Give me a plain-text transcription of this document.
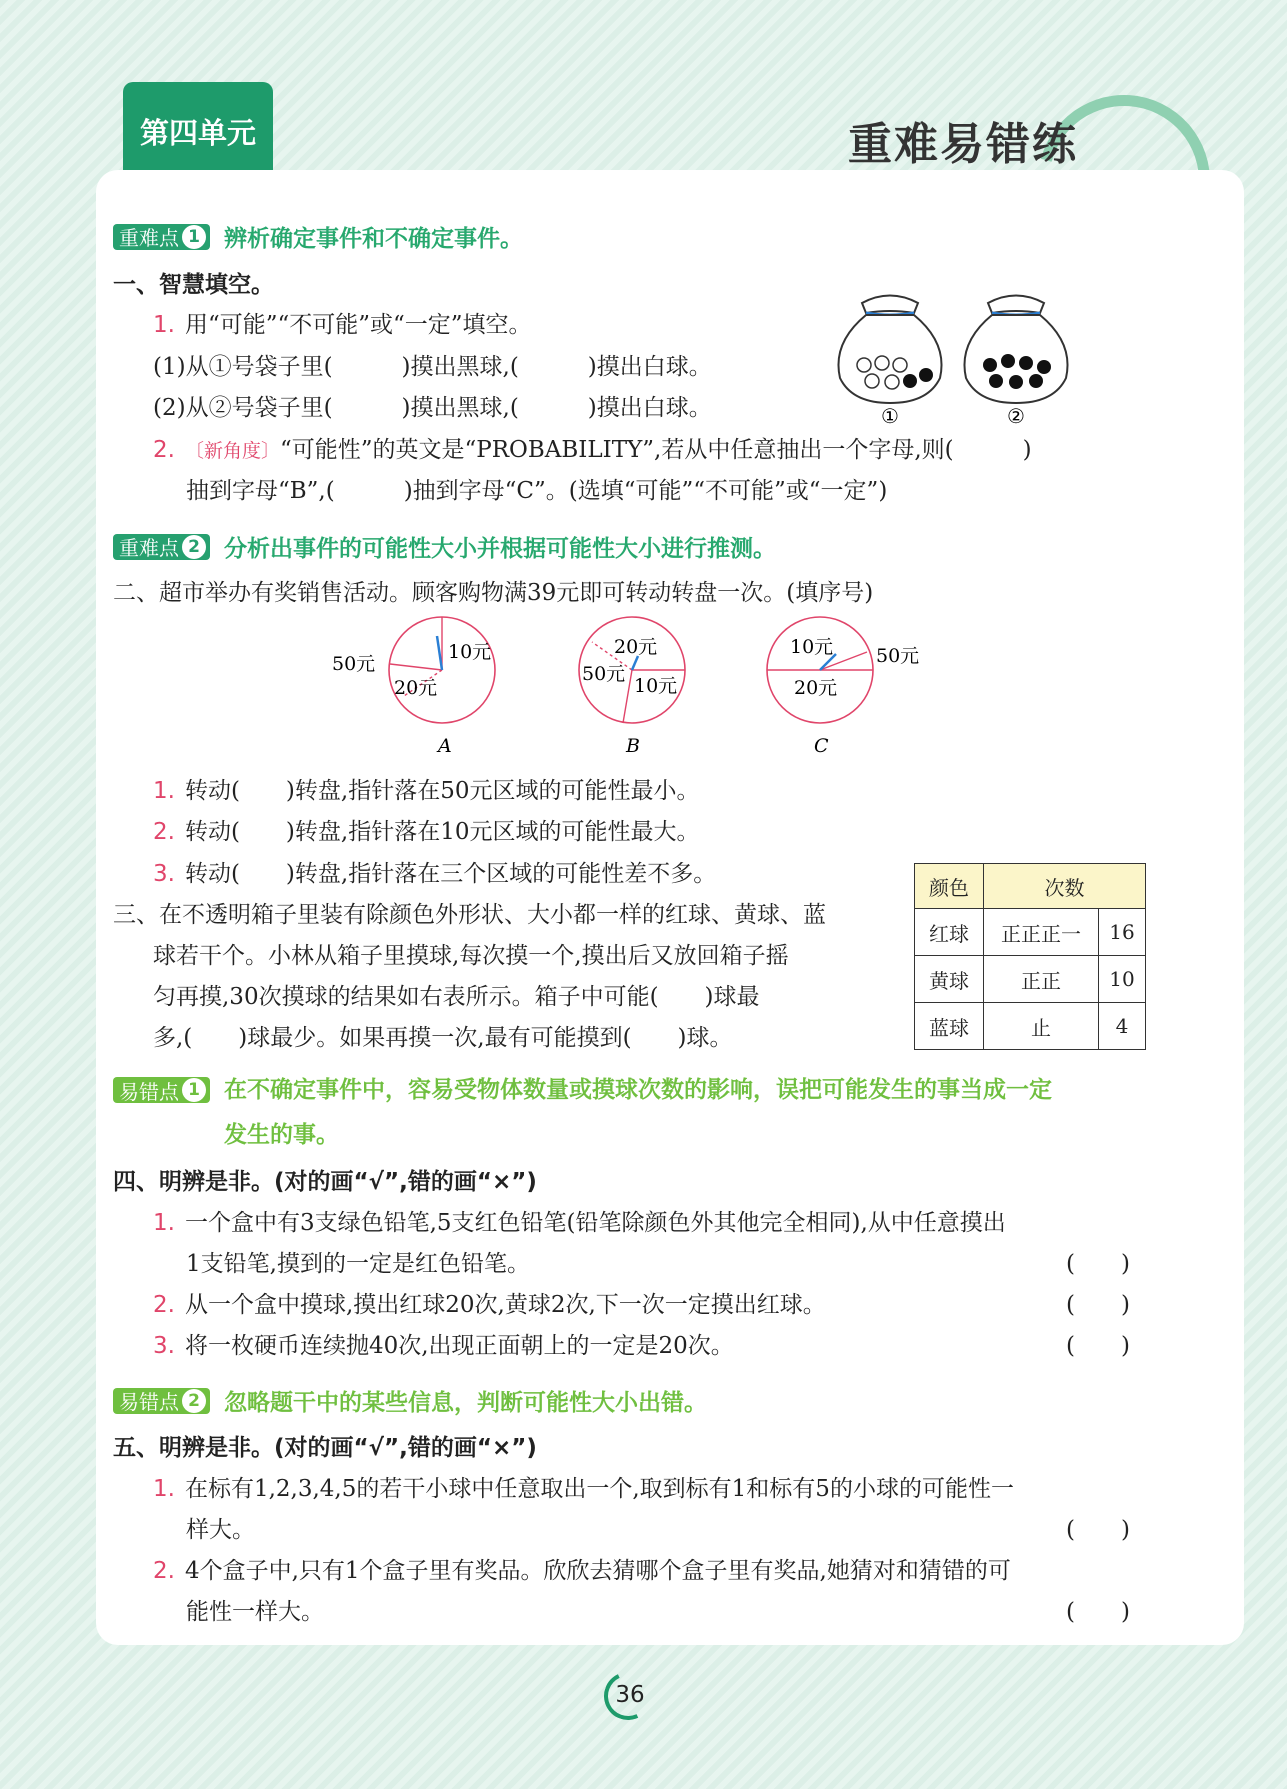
第四单元	重难易错练
重难点 1 辨析确定事件和不确定事件。
一、智慧填空。
1. 用“可能”“不可能”或“一定”填空。
(1)从①号袋子里(　　　)摸出黑球,(　　　)摸出白球。
(2)从②号袋子里(　　　)摸出黑球,(　　　)摸出白球。	①	②
2. 〔新角度〕“可能性”的英文是“PROBABILITY”,若从中任意抽出一个字母,则(　　　)
抽到字母“B”,(　　　)抽到字母“C”。(选填“可能”“不可能”或“一定”)
重难点 2 分析出事件的可能性大小并根据可能性大小进行推测。
二、超市举办有奖销售活动。顾客购物满39元即可转动转盘一次。(填序号)
50元
10元
20元
A
20元
50元
10元
B
10元 50元
20元
C
1. 转动(　　)转盘,指针落在50元区域的可能性最小。
2. 转动(　　)转盘,指针落在10元区域的可能性最大。
3. 转动(　　)转盘,指针落在三个区域的可能性差不多。
三、在不透明箱子里装有除颜色外形状、大小都一样的红球、黄球、蓝
球若干个。小林从箱子里摸球,每次摸一个,摸出后又放回箱子摇
匀再摸,30次摸球的结果如右表所示。箱子中可能(　　)球最
多,(　　)球最少。如果再摸一次,最有可能摸到(　　)球。
颜色	次数	
红球	正正正一	16
黄球	正正	10
蓝球	止	4
易错点 1 在不确定事件中，容易受物体数量或摸球次数的影响，误把可能发生的事当成一定
发生的事。
四、明辨是非。(对的画“√”,错的画“×”)
1. 一个盒中有3支绿色铅笔,5支红色铅笔(铅笔除颜色外其他完全相同),从中任意摸出
1支铅笔,摸到的一定是红色铅笔。	(　　)
2. 从一个盒中摸球,摸出红球20次,黄球2次,下一次一定摸出红球。	(　　)
3. 将一枚硬币连续抛40次,出现正面朝上的一定是20次。	(　　)
易错点 2 忽略题干中的某些信息，判断可能性大小出错。
五、明辨是非。(对的画“√”,错的画“×”)
1. 在标有1,2,3,4,5的若干小球中任意取出一个,取到标有1和标有5的小球的可能性一
样大。	(　　)
2. 4个盒子中,只有1个盒子里有奖品。欣欣去猜哪个盒子里有奖品,她猜对和猜错的可
能性一样大。	(　　)
36
